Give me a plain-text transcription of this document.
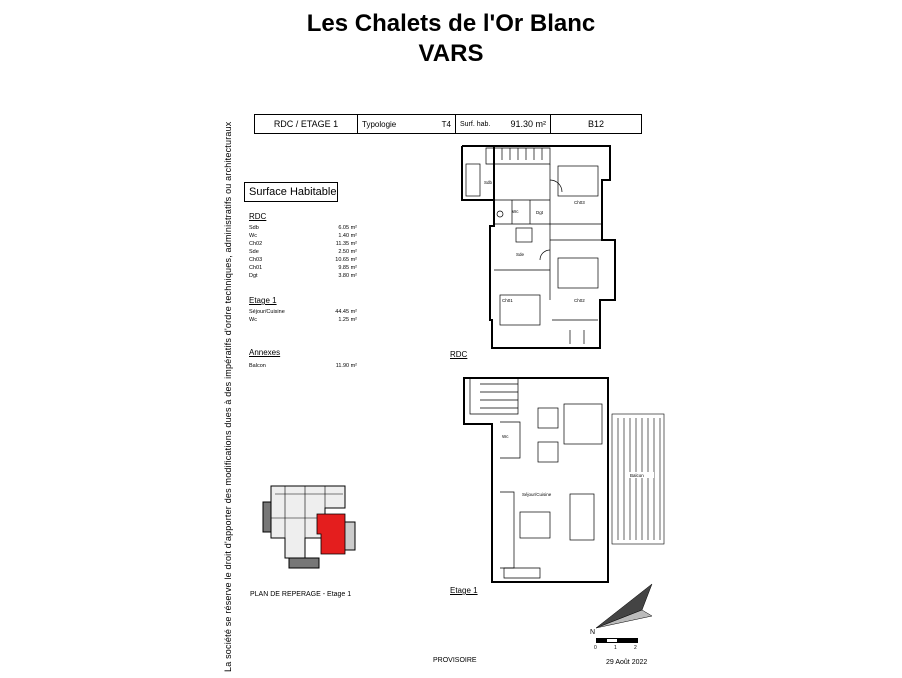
Les Chalets de l'Or Blanc
VARS
RDC / ETAGE 1	Typologie	T4 Surf. hab. 91.30 m²	B12
La société se réserve le droit d'apporter des modifications dues à des impératifs d'ordre techniques, administratifs ou architecturaux	Surface Habitable
RDC
Sdb	6.05 m²
Wc	1.40 m²
Ch02	11.35 m²
Sde	2.50 m²
Ch03	10.65 m²
Ch01	9.85 m²
Dgt	3.80 m²
Etage 1
Séjour/Cuisine	44.45 m²
Wc	1.25 m²
Annexes
Balcon	11.90 m²
Sdb
Wc	Dgt
Ch03
Sde
Ch01	Ch02
RDC
Wc
Séjour/Cuisine
Balcon
Etage 1
PLAN DE REPERAGE - Etage 1
N
0	1	2
PROVISOIRE	29 Août 2022
